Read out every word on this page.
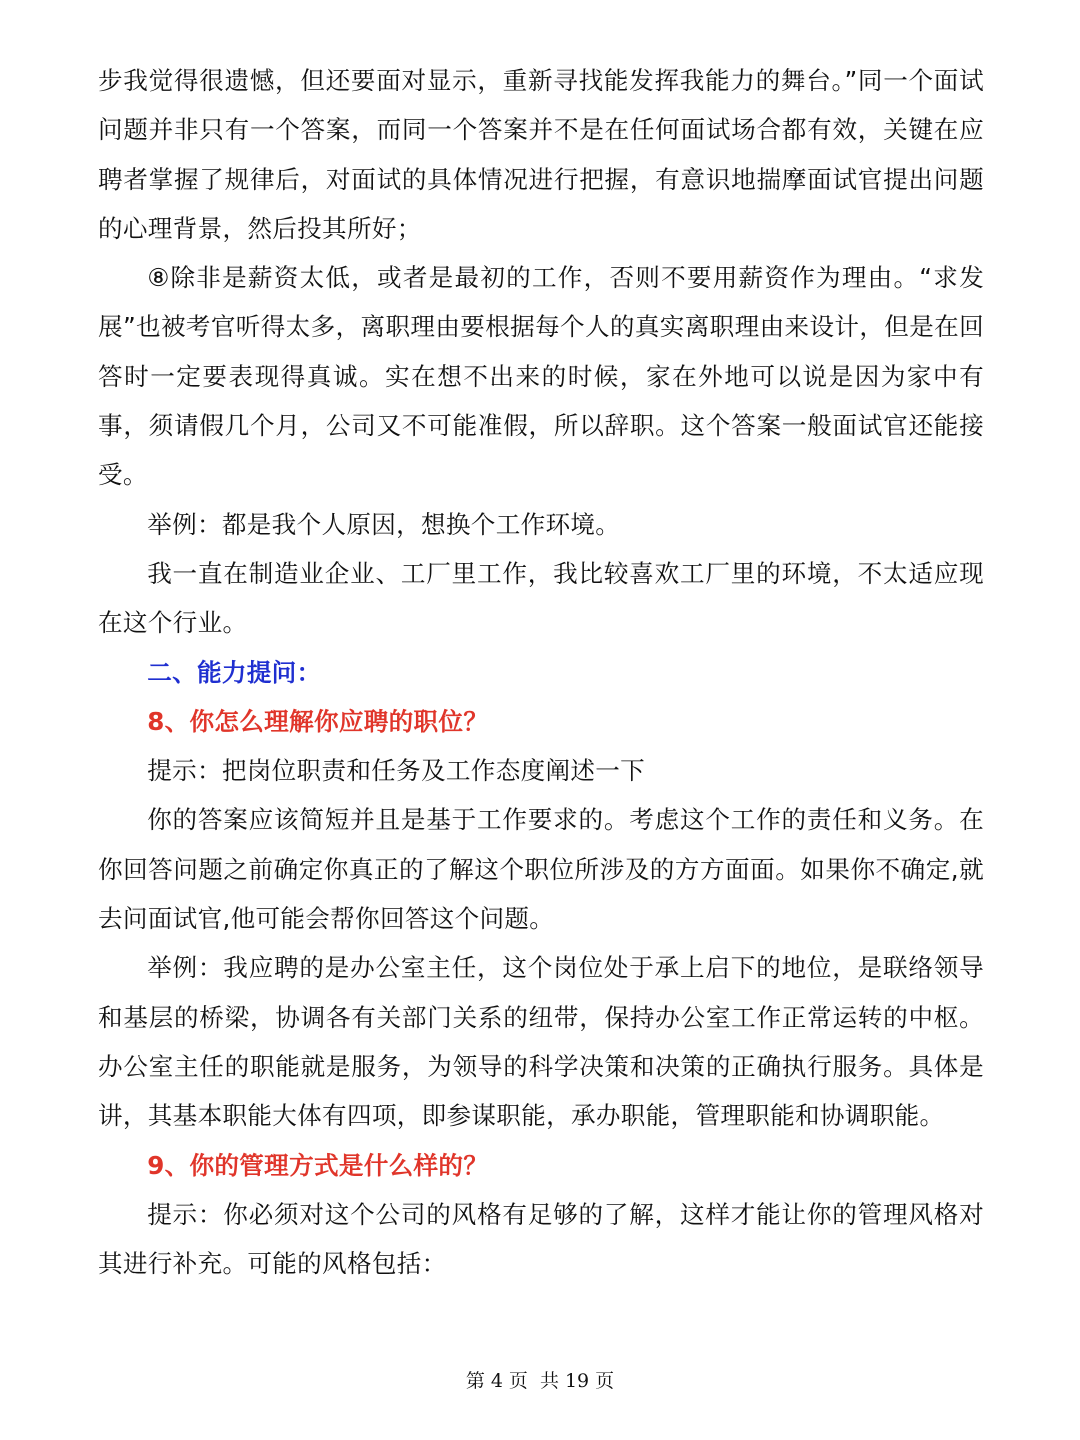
步我觉得很遗憾，但还要面对显示，重新寻找能发挥我能力的舞台。”同一个面试问题并非只有一个答案，而同一个答案并不是在任何面试场合都有效，关键在应聘者掌握了规律后，对面试的具体情况进行把握，有意识地揣摩面试官提出问题的心理背景，然后投其所好；

⑧除非是薪资太低，或者是最初的工作，否则不要用薪资作为理由。“求发展”也被考官听得太多，离职理由要根据每个人的真实离职理由来设计，但是在回答时一定要表现得真诚。实在想不出来的时候，家在外地可以说是因为家中有事，须请假几个月，公司又不可能准假，所以辞职。这个答案一般面试官还能接受。

举例：都是我个人原因，想换个工作环境。

我一直在制造业企业、工厂里工作，我比较喜欢工厂里的环境，不太适应现在这个行业。

二、能力提问：

8、你怎么理解你应聘的职位？

提示：把岗位职责和任务及工作态度阐述一下

你的答案应该简短并且是基于工作要求的。考虑这个工作的责任和义务。在你回答问题之前确定你真正的了解这个职位所涉及的方方面面。如果你不确定,就去问面试官,他可能会帮你回答这个问题。

举例：我应聘的是办公室主任，这个岗位处于承上启下的地位，是联络领导和基层的桥梁，协调各有关部门关系的纽带，保持办公室工作正常运转的中枢。办公室主任的职能就是服务，为领导的科学决策和决策的正确执行服务。具体是讲，其基本职能大体有四项，即参谋职能，承办职能，管理职能和协调职能。

9、你的管理方式是什么样的？

提示：你必须对这个公司的风格有足够的了解，这样才能让你的管理风格对其进行补充。可能的风格包括：

第 4 页 共 19 页
